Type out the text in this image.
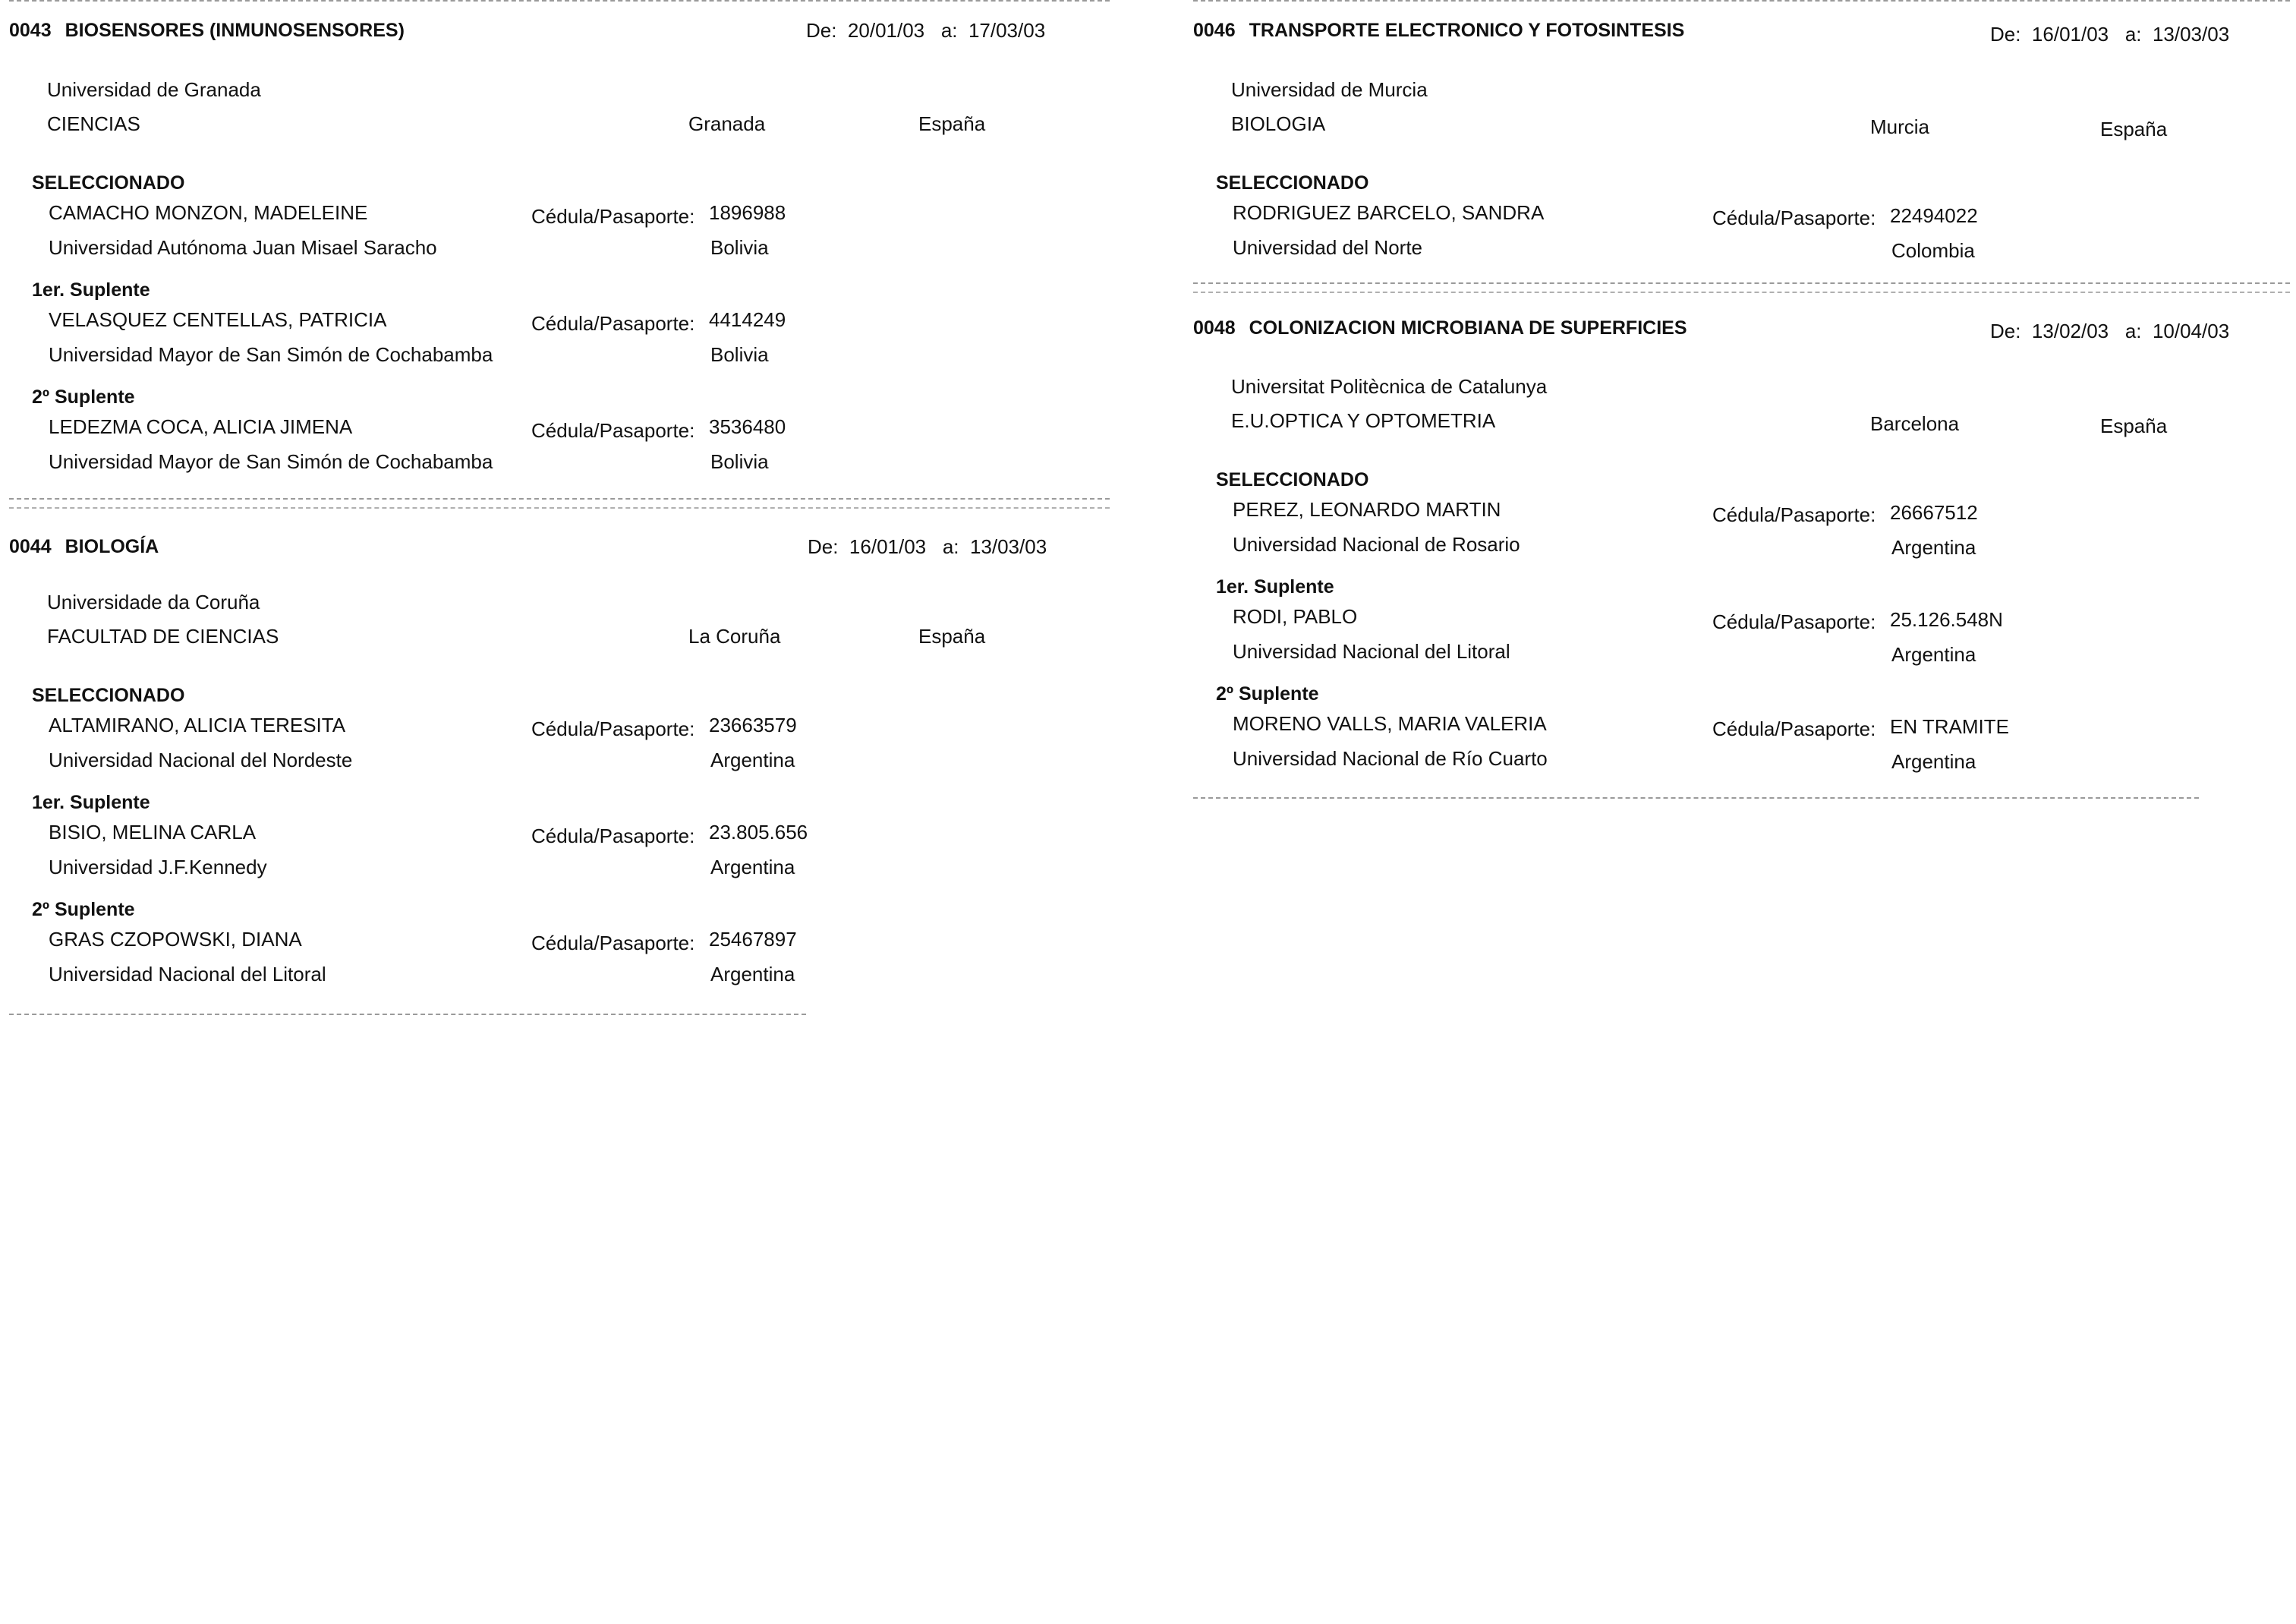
0043 BIOSENSORES (INMUNOSENSORES)	De: 20/01/03 a: 17/03/03
Universidad de Granada
CIENCIAS	Granada	España
SELECCIONADO
CAMACHO MONZON, MADELEINE	Cédula/Pasaporte: 1896988
Universidad Autónoma Juan Misael Saracho	Bolivia
1er. Suplente
VELASQUEZ CENTELLAS, PATRICIA	Cédula/Pasaporte: 4414249
Universidad Mayor de San Simón de Cochabamba	Bolivia
2º Suplente
LEDEZMA COCA, ALICIA JIMENA	Cédula/Pasaporte: 3536480
Universidad Mayor de San Simón de Cochabamba	Bolivia
0044 BIOLOGÍA	De: 16/01/03 a: 13/03/03
Universidade da Coruña
FACULTAD DE CIENCIAS	La Coruña	España
SELECCIONADO
ALTAMIRANO, ALICIA TERESITA	Cédula/Pasaporte: 23663579
Universidad Nacional del Nordeste	Argentina
1er. Suplente
BISIO, MELINA CARLA	Cédula/Pasaporte: 23.805.656
Universidad J.F.Kennedy	Argentina
2º Suplente
GRAS CZOPOWSKI, DIANA	Cédula/Pasaporte: 25467897
Universidad Nacional del Litoral	Argentina
0046 TRANSPORTE ELECTRONICO Y FOTOSINTESIS	De: 16/01/03 a: 13/03/03
Universidad de Murcia
BIOLOGIA	Murcia	España
SELECCIONADO
RODRIGUEZ BARCELO, SANDRA	Cédula/Pasaporte: 22494022
Universidad del Norte	Colombia
0048 COLONIZACION MICROBIANA DE SUPERFICIES	De: 13/02/03 a: 10/04/03
Universitat Politècnica de Catalunya
E.U.OPTICA Y OPTOMETRIA	Barcelona	España
SELECCIONADO
PEREZ, LEONARDO MARTIN	Cédula/Pasaporte: 26667512
Universidad Nacional de Rosario	Argentina
1er. Suplente
RODI, PABLO	Cédula/Pasaporte: 25.126.548N
Universidad Nacional del Litoral	Argentina
2º Suplente
MORENO VALLS, MARIA VALERIA	Cédula/Pasaporte: EN TRAMITE
Universidad Nacional de Río Cuarto	Argentina
